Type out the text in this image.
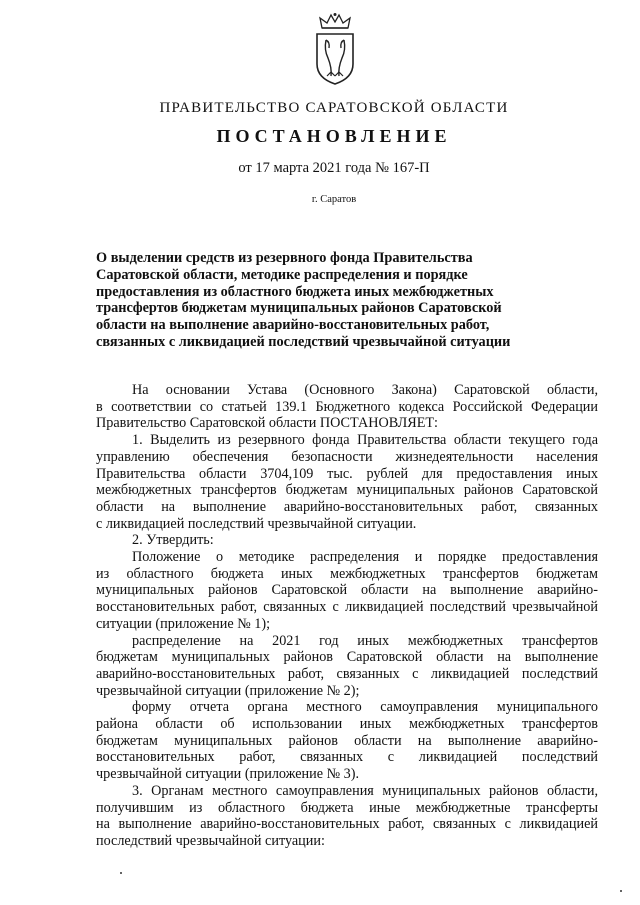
ПРАВИТЕЛЬСТВО САРАТОВСКОЙ ОБЛАСТИ
ПОСТАНОВЛЕНИЕ
от 17 марта 2021 года № 167-П
г. Саратов
О выделении средств из резервного фонда Правительства
Саратовской области, методике распределения и порядке
предоставления из областного бюджета иных межбюджетных
трансфертов бюджетам муниципальных районов Саратовской
области на выполнение аварийно-восстановительных работ,
связанных с ликвидацией последствий чрезвычайной ситуации
На основании Устава (Основного Закона) Саратовской области,
в соответствии со статьей 139.1 Бюджетного кодекса Российской Федерации
Правительство Саратовской области ПОСТАНОВЛЯЕТ:
1. Выделить из резервного фонда Правительства области текущего года
управлению обеспечения безопасности жизнедеятельности населения
Правительства области 3704,109 тыс. рублей для предоставления иных
межбюджетных трансфертов бюджетам муниципальных районов Саратовской
области на выполнение аварийно-восстановительных работ, связанных
с ликвидацией последствий чрезвычайной ситуации.
2. Утвердить:
Положение о методике распределения и порядке предоставления
из областного бюджета иных межбюджетных трансфертов бюджетам
муниципальных районов Саратовской области на выполнение аварийно-
восстановительных работ, связанных с ликвидацией последствий чрезвычайной
ситуации (приложение № 1);
распределение на 2021 год иных межбюджетных трансфертов
бюджетам муниципальных районов Саратовской области на выполнение
аварийно-восстановительных работ, связанных с ликвидацией последствий
чрезвычайной ситуации (приложение № 2);
форму отчета органа местного самоуправления муниципального
района области об использовании иных межбюджетных трансфертов
бюджетам муниципальных районов области на выполнение аварийно-
восстановительных работ, связанных с ликвидацией последствий
чрезвычайной ситуации (приложение № 3).
3. Органам местного самоуправления муниципальных районов области,
получившим из областного бюджета иные межбюджетные трансферты
на выполнение аварийно-восстановительных работ, связанных с ликвидацией
последствий чрезвычайной ситуации:
